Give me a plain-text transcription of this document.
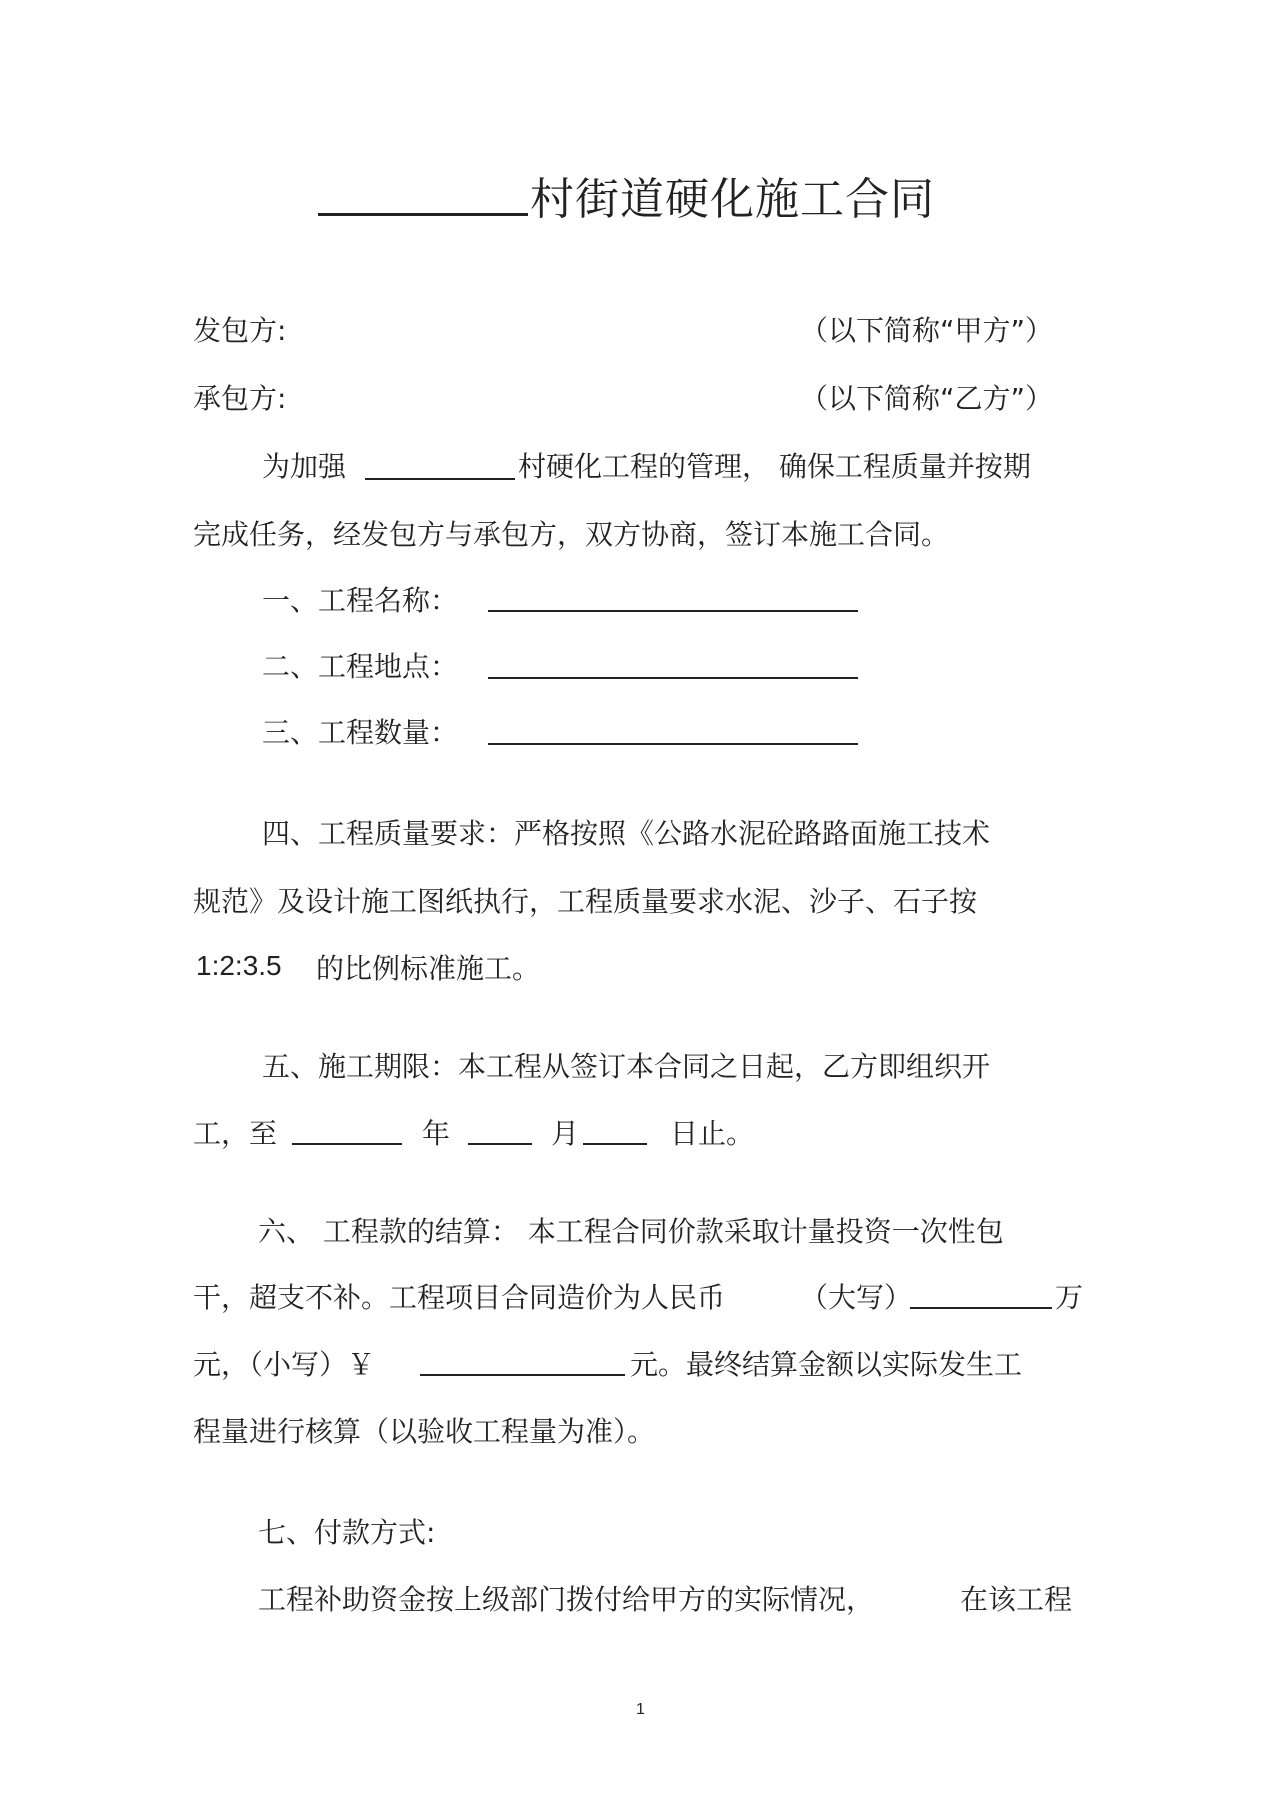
村街道硬化施工合同
发包方:	（以下简称“甲方”）
承包方:	（以下简称“乙方”）
为加强	村硬化工程的管理， 确保工程质量并按期
完成任务，经发包方与承包方，双方协商，签订本施工合同。
一、工程名称：
二、工程地点：
三、工程数量：
四、工程质量要求：严格按照《公路水泥砼路路面施工技术
规范》及设计施工图纸执行，工程质量要求水泥、沙子、石子按
1:2:3.5 的比例标准施工。
五、施工期限：本工程从签订本合同之日起，乙方即组织开
工，至	年	月	日止。
六、 工程款的结算： 本工程合同价款采取计量投资一次性包
干，超支不补。工程项目合同造价为人民币	（大写）	万
元，（小写）￥	元。最终结算金额以实际发生工
程量进行核算（以验收工程量为准）。
七、付款方式:
工程补助资金按上级部门拨付给甲方的实际情况，	在该工程
1
